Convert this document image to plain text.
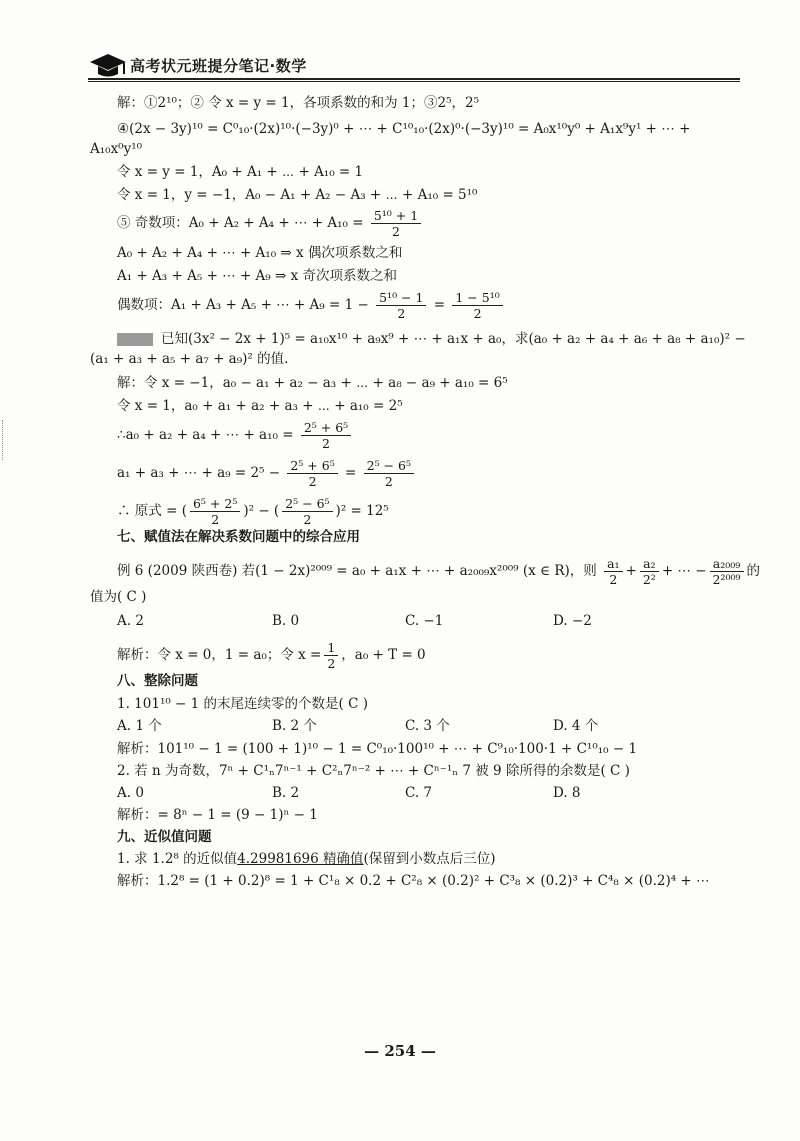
高考状元班提分笔记·数学
解：①2¹⁰；② 令 x = y = 1，各项系数的和为 1；③2⁵，2⁵
④(2x − 3y)¹⁰ = C⁰₁₀·(2x)¹⁰·(−3y)⁰ + ⋯ + C¹⁰₁₀·(2x)⁰·(−3y)¹⁰ = A₀x¹⁰y⁰ + A₁x⁹y¹ + ⋯ +
A₁₀x⁰y¹⁰
令 x = y = 1，A₀ + A₁ + ⋯ + A₁₀ = 1
令 x = 1，y = −1，A₀ − A₁ + A₂ − A₃ + ⋯ + A₁₀ = 5¹⁰
⑤ 奇数项：A₀ + A₂ + A₄ + ⋯ + $A_{10} = \frac{\text{5¹⁰ + 1}}{2}$
A₀ + A₂ + A₄ + ⋯ + A₁₀ ⇒ x 偶次项系数之和
A₁ + A₃ + A₅ + ⋯ + A₉ ⇒ x 奇次项系数之和
偶数项：A₁ + A₃ + A₅ + ⋯ + $A_9 = 1 - \frac{\text{5¹⁰ − 1}}{2} = \frac{\text{1 − 5¹⁰}}{2}$
已知(3x² − 2x + 1)⁵ = a₁₀x¹⁰ + a₉x⁹ + ⋯ + a₁x + a₀，求(a₀ + a₂ + a₄ + a₆ + a₈ + a₁₀)² −
(a₁ + a₃ + a₅ + a₇ + a₉)² 的值.
解：令 x = −1，a₀ − a₁ + a₂ − a₃ + ⋯ + a₈ − a₉ + a₁₀ = 6⁵
令 x = 1，a₀ + a₁ + a₂ + a₃ + ⋯ + a₁₀ = 2⁵
∴a₀ + a₂ + a₄ + ⋯ + $a_{10} = \frac{\text{2⁵ + 6⁵}}{2}$
a₁ + a₃ + ⋯ + $a_9 = 2^5 - \frac{\text{2⁵ + 6⁵}}{2} = \frac{\text{2⁵ − 6⁵}}{2}$
∴ 原式 = ( $\frac{\text{6⁵ + 2⁵}}{2} )^2$ − ( $\frac{\text{2⁵ − 6⁵}}{2} )^2 = 12^5$
七、赋值法在解决系数问题中的综合应用
例 6 (2009 陕西卷) 若(1 − 2x)²⁰⁰⁹ = a₀ + a₁x + ⋯ + a₂₀₀₉x²⁰⁰⁹ (x ∈ R)，则 $\frac{\text{a₁}}{2} + \frac{\text{a₂}}{\text{2²}}$ + ⋯ − $\frac{\text{a₂₀₀₉}}{\text{2²⁰⁰⁹}}$ 的
值为( C )
A. 2	B. 0	C. −1	D. −2
解析：令 x = 0，1 = a₀；令 $x = \frac{1}{2}$ ，a₀ + T = 0
八、整除问题
1. 101¹⁰ − 1 的末尾连续零的个数是( C )
A. 1 个	B. 2 个	C. 3 个	D. 4 个
解析：101¹⁰ − 1 = (100 + 1)¹⁰ − 1 = C⁰₁₀·100¹⁰ + ⋯ + C⁹₁₀·100·1 + C¹⁰₁₀ − 1
2. 若 n 为奇数，7ⁿ + C¹ₙ7ⁿ⁻¹ + C²ₙ7ⁿ⁻² + ⋯ + Cⁿ⁻¹ₙ 7 被 9 除所得的余数是( C )
A. 0	B. 2	C. 7	D. 8
解析：= 8ⁿ − 1 = (9 − 1)ⁿ − 1
九、近似值问题
1. 求 1.2⁸ 的近似值4.29981696 精确值(保留到小数点后三位)
解析：1.2⁸ = (1 + 0.2)⁸ = 1 + C¹₈ × 0.2 + C²₈ × (0.2)² + C³₈ × (0.2)³ + C⁴₈ × (0.2)⁴ + ⋯
— 254 —
